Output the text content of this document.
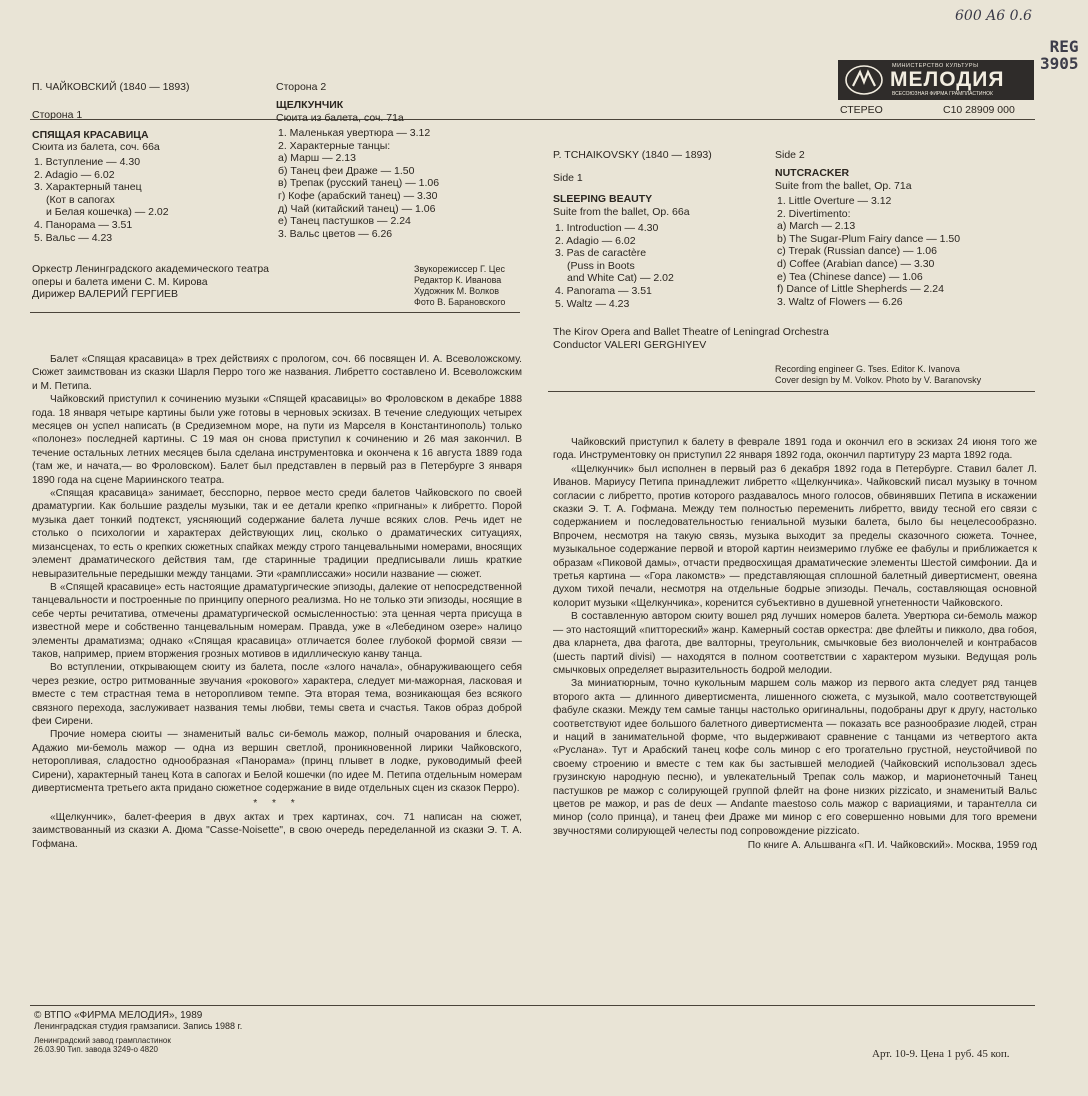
600 A6 0.6
REG
3905
МИНИСТЕРСТВО КУЛЬТУРЫ
МЕЛОДИЯ
ВСЕСОЮЗНАЯ ФИРМА ГРАМПЛАСТИНОК
СТЕРЕО	С10 28909 000
П. ЧАЙКОВСКИЙ (1840 — 1893)
Сторона 1
СПЯЩАЯ КРАСАВИЦА
Сюита из балета, соч. 66а
1. Вступление — 4.30
2. Adagio — 6.02
3. Характерный танец
(Кот в сапогах
и Белая кошечка) — 2.02
4. Панорама — 3.51
5. Вальс — 4.23
Сторона 2
ЩЕЛКУНЧИК
Сюита из балета, соч. 71а
1. Маленькая увертюра — 3.12
2. Характерные танцы:
а) Марш — 2.13
б) Танец феи Драже — 1.50
в) Трепак (русский танец) — 1.06
г) Кофе (арабский танец) — 3.30
д) Чай (китайский танец) — 1.06
е) Танец пастушков — 2.24
3. Вальс цветов — 6.26
Оркестр Ленинградского академического театра
оперы и балета имени С. М. Кирова
Дирижер ВАЛЕРИЙ ГЕРГИЕВ
Звукорежиссер Г. Цес
Редактор К. Иванова
Художник М. Волков
Фото В. Барановского
P. TCHAIKOVSKY (1840 — 1893)
Side 1
SLEEPING BEAUTY
Suite from the ballet, Op. 66a
1. Introduction — 4.30
2. Adagio — 6.02
3. Pas de caractère
(Puss in Boots
and White Cat) — 2.02
4. Panorama — 3.51
5. Waltz — 4.23
Side 2
NUTCRACKER
Suite from the ballet, Op. 71a
1. Little Overture — 3.12
2. Divertimento:
a) March — 2.13
b) The Sugar-Plum Fairy dance — 1.50
c) Trepak (Russian dance) — 1.06
d) Coffee (Arabian dance) — 3.30
e) Tea (Chinese dance) — 1.06
f) Dance of Little Shepherds — 2.24
3. Waltz of Flowers — 6.26
The Kirov Opera and Ballet Theatre of Leningrad Orchestra
Conductor VALERI GERGHIYEV
Recording engineer G. Tses. Editor K. Ivanova
Cover design by M. Volkov. Photo by V. Baranovsky

Балет «Спящая красавица» в трех действиях с прологом, соч. 66 посвящен И. А. Всеволожскому. Сюжет заимствован из сказки Шарля Перро того же названия. Либретто составлено И. Всеволожским и М. Петипа.

Чайковский приступил к сочинению музыки «Спящей красавицы» во Фроловском в декабре 1888 года. 18 января четыре картины были уже готовы в черновых эскизах. В течение следующих четырех месяцев он успел написать (в Средиземном море, на пути из Марселя в Константинополь) только «полонез» последней картины. С 19 мая он снова приступил к сочинению и 26 мая закончил. В течение остальных летних месяцев была сделана инструментовка и окончена к 16 августа 1889 года (там же, и начата,— во Фроловском). Балет был представлен в первый раз в Петербурге 3 января 1890 года на сцене Мариинского театра.

«Спящая красавица» занимает, бесспорно, первое место среди балетов Чайковского по своей драматургии. Как большие разделы музыки, так и ее детали крепко «пригнаны» к либретто. Порой музыка дает тонкий подтекст, уясняющий содержание балета лучше всяких слов. Речь идет не столько о психологии и характерах действующих лиц, сколько о драматических ситуациях, мизансценах, то есть о крепких сюжетных спайках между строго танцевальными номерами, вносящих элемент драматического действия там, где старинные традиции предписывали лишь краткие невыразительные передышки между танцами. Эти «рамплиссажи» носили название — сюжет.

В «Спящей красавице» есть настоящие драматургические эпизоды, далекие от непосредственной танцевальности и построенные по принципу оперного реализма. Но не только эти эпизоды, носящие в себе черты речитатива, отмечены драматургической осмысленностью: эта ценная черта присуща в известной мере и собственно танцевальным номерам. Правда, уже в «Лебедином озере» налицо элементы драматизма; однако «Спящая красавица» отличается более глубокой формой связи — таков, например, прием вторжения грозных мотивов в идиллическую канву танца.

Во вступлении, открывающем сюиту из балета, после «злого начала», обнаруживающего себя через резкие, остро ритмованные звучания «рокового» характера, следует ми-мажорная, ласковая и вместе с тем страстная тема в неторопливом темпе. Эта вторая тема, возникающая без всякого связного перехода, заслуживает названия темы любви, темы света и счастья. Таков образ доброй феи Сирени.

Прочие номера сюиты — знаменитый вальс си-бемоль мажор, полный очарования и блеска, Адажио ми-бемоль мажор — одна из вершин светлой, проникновенной лирики Чайковского, неторопливая, сладостно однообразная «Панорама» (принц плывет в лодке, руководимый феей Сирени), характерный танец Кота в сапогах и Белой кошечки (по идее М. Петипа отдельным номерам дивертисмента третьего акта придано сюжетное содержание в виде отдельных сцен из сказок Перро).

* * *

«Щелкунчик», балет-феерия в двух актах и трех картинах, соч. 71 написан на сюжет, заимствованный из сказки А. Дюма "Casse-Noisette", в свою очередь переделанной из сказки Э. Т. А. Гофмана.

Чайковский приступил к балету в феврале 1891 года и окончил его в эскизах 24 июня того же года. Инструментовку он приступил 22 января 1892 года, окончил партитуру 23 марта 1892 года.

«Щелкунчик» был исполнен в первый раз 6 декабря 1892 года в Петербурге. Ставил балет Л. Иванов. Мариусу Петипа принадлежит либретто «Щелкунчика». Чайковский писал музыку в точном согласии с либретто, против которого раздавалось много голосов, обвинявших Петипа в искажении сказки Э. Т. А. Гофмана. Между тем полностью переменить либретто, ввиду тесной его связи с содержанием и последовательностью гениальной музыки балета, было бы нецелесообразно. Впрочем, несмотря на такую связь, музыка выходит за пределы сказочного сюжета. Точнее, музыкальное содержание первой и второй картин неизмеримо глубже ее фабулы и приближается к образам «Пиковой дамы», отчасти предвосхищая драматические элементы Шестой симфонии. Да и третья картина — «Гора лакомств» — представляющая сплошной балетный дивертисмент, овеяна духом тихой печали, несмотря на отдельные бодрые эпизоды. Печаль, составляющая основной колорит музыки «Щелкунчика», коренится субъективно в душевной угнетенности Чайковского.

В составленную автором сюиту вошел ряд лучших номеров балета. Увертюра си-бемоль мажор — это настоящий «питтореский» жанр. Камерный состав оркестра: две флейты и пикколо, два гобоя, два кларнета, два фагота, две валторны, треугольник, смычковые без виолончелей и контрабасов (шесть партий divisi) — находятся в полном соответствии с характером музыки. Ведущая роль смычковых определяет выразительность бодрой мелодии.

За миниатюрным, точно кукольным маршем соль мажор из первого акта следует ряд танцев второго акта — длинного дивертисмента, лишенного сюжета, с музыкой, мало соответствующей фабуле сказки. Между тем самые танцы настолько оригинальны, подобраны друг к другу, настолько соответствуют идее большого балетного дивертисмента — показать все разнообразие людей, стран и наций в занимательной форме, что выдерживают сравнение с танцами из четвертого акта «Руслана». Тут и Арабский танец кофе соль минор с его трогательно грустной, неустойчивой по своему строению и вместе с тем как бы застывшей мелодией (Чайковский использовал здесь грузинскую народную песню), и увлекательный Трепак соль мажор, и марионеточный Танец пастушков ре мажор с солирующей группой флейт на фоне низких pizzicato, и знаменитый Вальс цветов ре мажор, и pas de deux — Andante maestoso соль мажор с вариациями, и тарантелла си минор (соло принца), и танец феи Драже ми минор с его совершенно новыми для того времени звучностями солирующей челесты под сопровождение pizzicato.

По книге А. Альшванга «П. И. Чайковский». Москва, 1959 год
© ВТПО «ФИРМА МЕЛОДИЯ», 1989
Ленинградская студия грамзаписи. Запись 1988 г.
Ленинградский завод грампластинок
26.03.90 Тип. завода 3249-о 4820	Арт. 10-9. Цена 1 руб. 45 коп.
